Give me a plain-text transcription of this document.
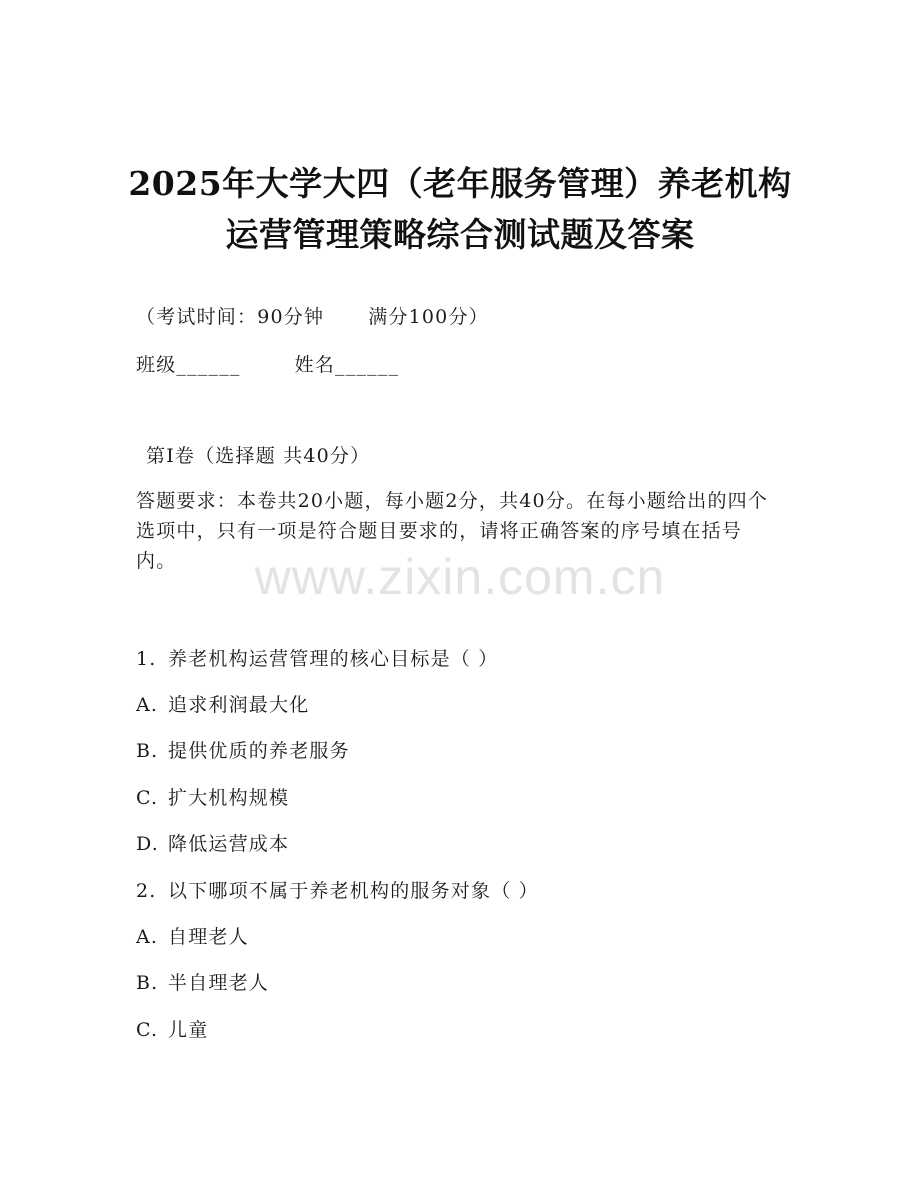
2025年大学大四（老年服务管理）养老机构
运营管理策略综合测试题及答案
（考试时间：90分钟 满分100分）
班级______	姓名______
第I卷（选择题 共40分）
答题要求：本卷共20小题，每小题2分，共40分。在每小题给出的四个选项中，只有一项是符合题目要求的，请将正确答案的序号填在括号内。	www.zixin.com.cn
1. 养老机构运营管理的核心目标是（ ）
A. 追求利润最大化
B. 提供优质的养老服务
C. 扩大机构规模
D. 降低运营成本
2. 以下哪项不属于养老机构的服务对象（ ）
A. 自理老人
B. 半自理老人
C. 儿童
